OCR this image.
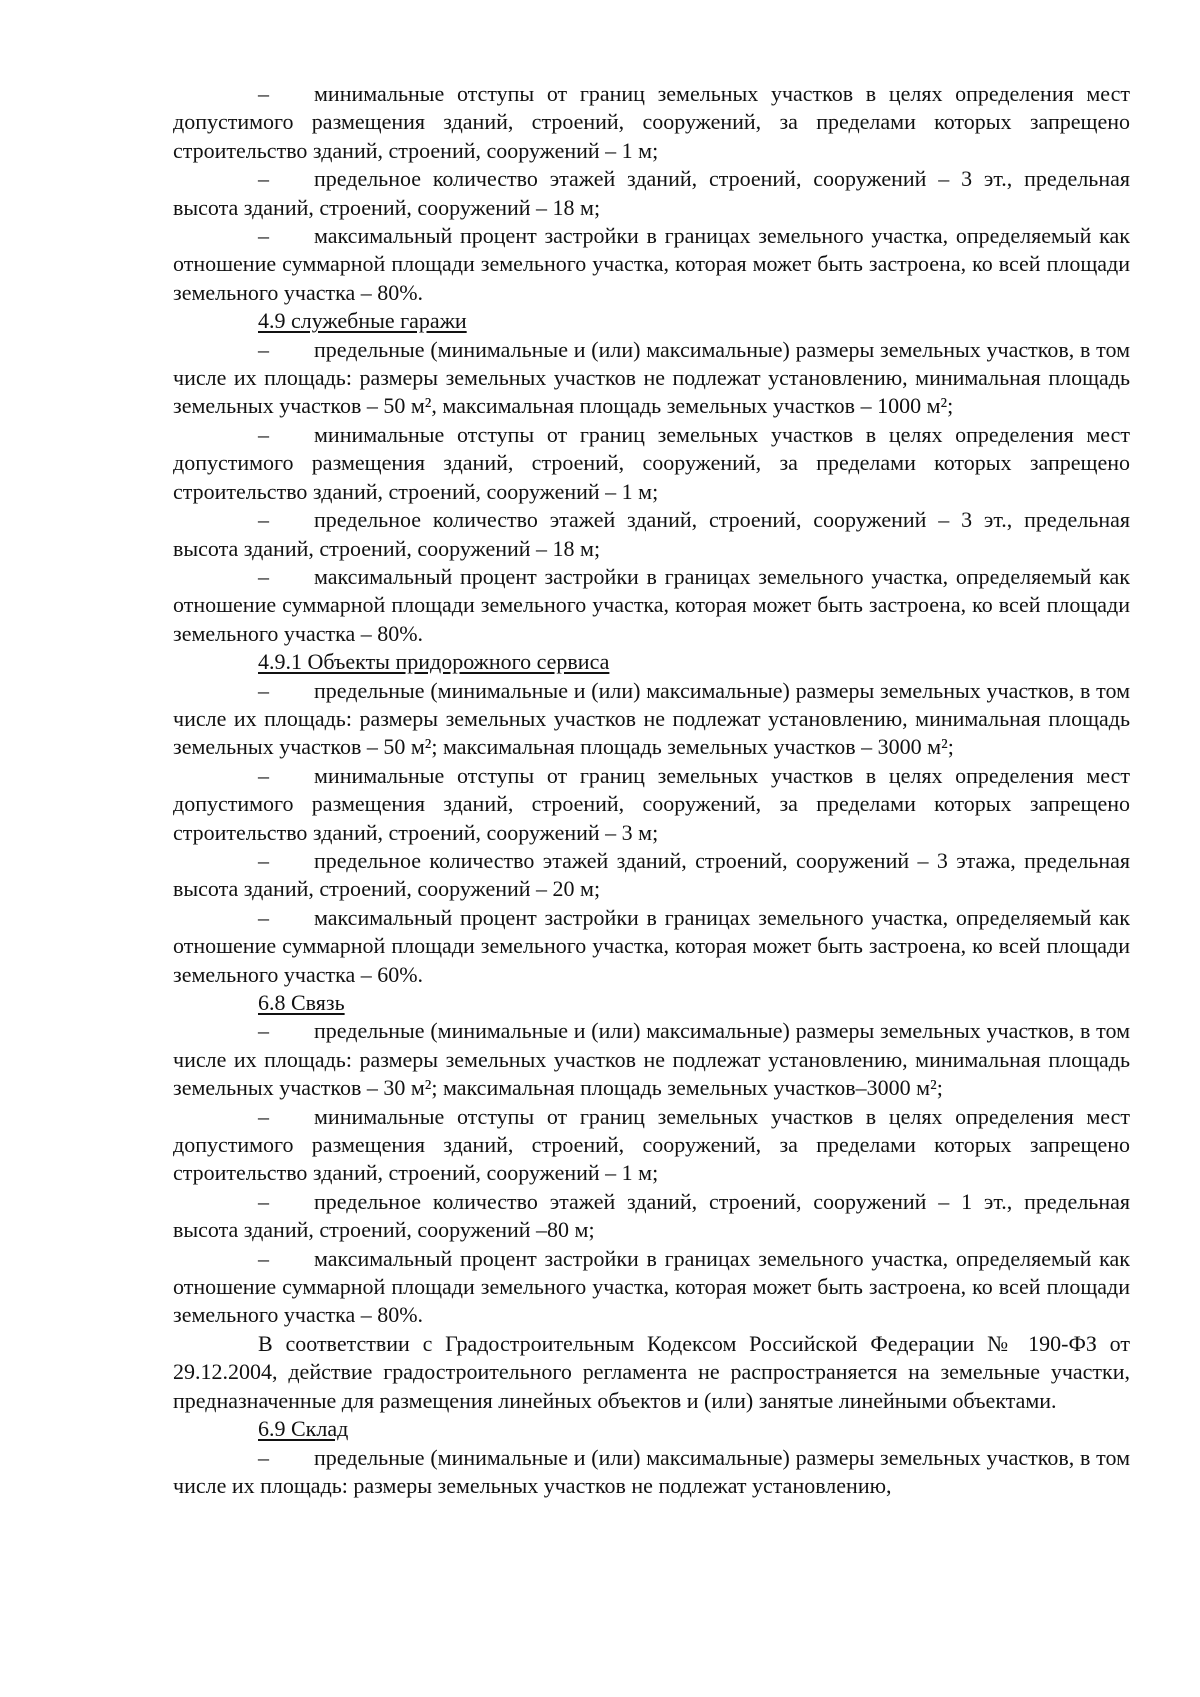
– минимальные отступы от границ земельных участков в целях определения мест допустимого размещения зданий, строений, сооружений, за пределами которых запрещено строительство зданий, строений, сооружений – 1 м;

– предельное количество этажей зданий, строений, сооружений – 3 эт., предельная высота зданий, строений, сооружений – 18 м;

– максимальный процент застройки в границах земельного участка, определяемый как отношение суммарной площади земельного участка, которая может быть застроена, ко всей площади земельного участка – 80%.

4.9 служебные гаражи

– предельные (минимальные и (или) максимальные) размеры земельных участков, в том числе их площадь: размеры земельных участков не подлежат установлению, минимальная площадь земельных участков – 50 м², максимальная площадь земельных участков – 1000 м²;

– минимальные отступы от границ земельных участков в целях определения мест допустимого размещения зданий, строений, сооружений, за пределами которых запрещено строительство зданий, строений, сооружений – 1 м;

– предельное количество этажей зданий, строений, сооружений – 3 эт., предельная высота зданий, строений, сооружений – 18 м;

– максимальный процент застройки в границах земельного участка, определяемый как отношение суммарной площади земельного участка, которая может быть застроена, ко всей площади земельного участка – 80%.

4.9.1 Объекты придорожного сервиса

– предельные (минимальные и (или) максимальные) размеры земельных участков, в том числе их площадь: размеры земельных участков не подлежат установлению, минимальная площадь земельных участков – 50 м²; максимальная площадь земельных участков – 3000 м²;

– минимальные отступы от границ земельных участков в целях определения мест допустимого размещения зданий, строений, сооружений, за пределами которых запрещено строительство зданий, строений, сооружений – 3 м;

– предельное количество этажей зданий, строений, сооружений – 3 этажа, предельная высота зданий, строений, сооружений – 20 м;

– максимальный процент застройки в границах земельного участка, определяемый как отношение суммарной площади земельного участка, которая может быть застроена, ко всей площади земельного участка – 60%.

6.8 Связь

– предельные (минимальные и (или) максимальные) размеры земельных участков, в том числе их площадь: размеры земельных участков не подлежат установлению, минимальная площадь земельных участков – 30 м²; максимальная площадь земельных участков–3000 м²;

– минимальные отступы от границ земельных участков в целях определения мест допустимого размещения зданий, строений, сооружений, за пределами которых запрещено строительство зданий, строений, сооружений – 1 м;

– предельное количество этажей зданий, строений, сооружений – 1 эт., предельная высота зданий, строений, сооружений –80 м;

– максимальный процент застройки в границах земельного участка, определяемый как отношение суммарной площади земельного участка, которая может быть застроена, ко всей площади земельного участка – 80%.

В соответствии с Градостроительным Кодексом Российской Федерации № 190-ФЗ от 29.12.2004, действие градостроительного регламента не распространяется на земельные участки, предназначенные для размещения линейных объектов и (или) занятые линейными объектами.

6.9 Склад

– предельные (минимальные и (или) максимальные) размеры земельных участков, в том числе их площадь: размеры земельных участков не подлежат установлению,
